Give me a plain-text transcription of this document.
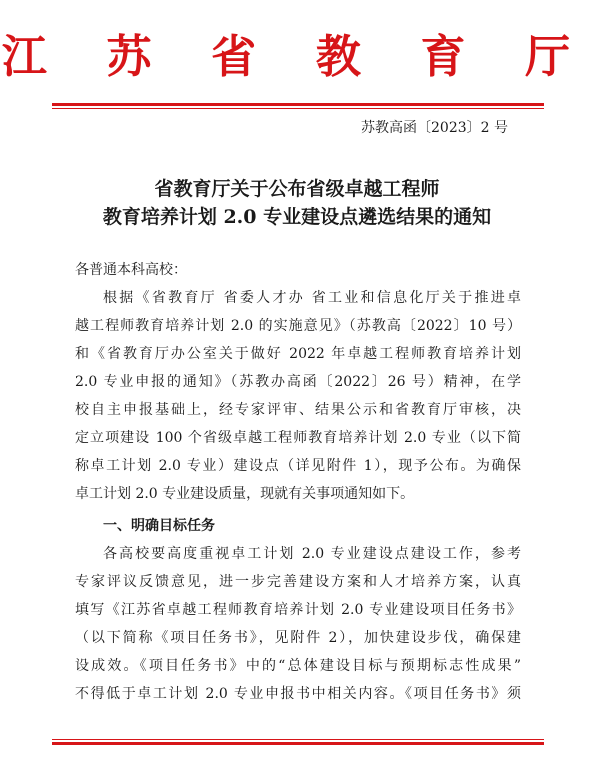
江 苏 省 教 育 厅
苏教高函〔2023〕2 号
省教育厅关于公布省级卓越工程师
教育培养计划 2.0 专业建设点遴选结果的通知
各普通本科高校：
根据《省教育厅 省委人才办 省工业和信息化厅关于推进卓
越工程师教育培养计划 2.0 的实施意见》（苏教高〔2022〕10 号）
和《省教育厅办公室关于做好 2022 年卓越工程师教育培养计划
2.0 专业申报的通知》（苏教办高函〔2022〕26 号）精神，在学
校自主申报基础上，经专家评审、结果公示和省教育厅审核，决
定立项建设 100 个省级卓越工程师教育培养计划 2.0 专业（以下简
称卓工计划 2.0 专业）建设点（详见附件 1），现予公布。为确保
卓工计划 2.0 专业建设质量，现就有关事项通知如下。
一、明确目标任务
各高校要高度重视卓工计划 2.0 专业建设点建设工作，参考
专家评议反馈意见，进一步完善建设方案和人才培养方案，认真
填写《江苏省卓越工程师教育培养计划 2.0 专业建设项目任务书》
（以下简称《项目任务书》，见附件 2），加快建设步伐，确保建
设成效。《项目任务书》中的“总体建设目标与预期标志性成果”
不得低于卓工计划 2.0 专业申报书中相关内容。《项目任务书》须
